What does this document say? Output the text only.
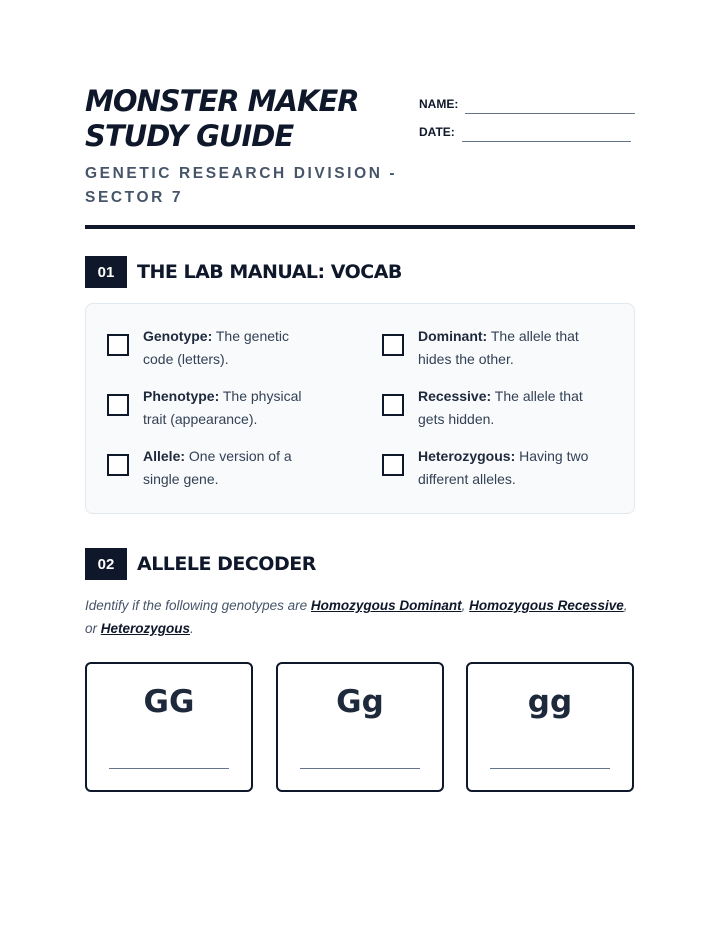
MONSTER MAKER
STUDY GUIDE
GENETIC RESEARCH DIVISION - SECTOR 7
NAME:
DATE:
01	THE LAB MANUAL: VOCAB
Genotype: The genetic code (letters).
Dominant: The allele that hides the other.
Phenotype: The physical trait (appearance).
Recessive: The allele that gets hidden.
Allele: One version of a single gene.
Heterozygous: Having two different alleles.
02	ALLELE DECODER
Identify if the following genotypes are Homozygous Dominant, Homozygous Recessive, or Heterozygous.
GG	Gg	gg
